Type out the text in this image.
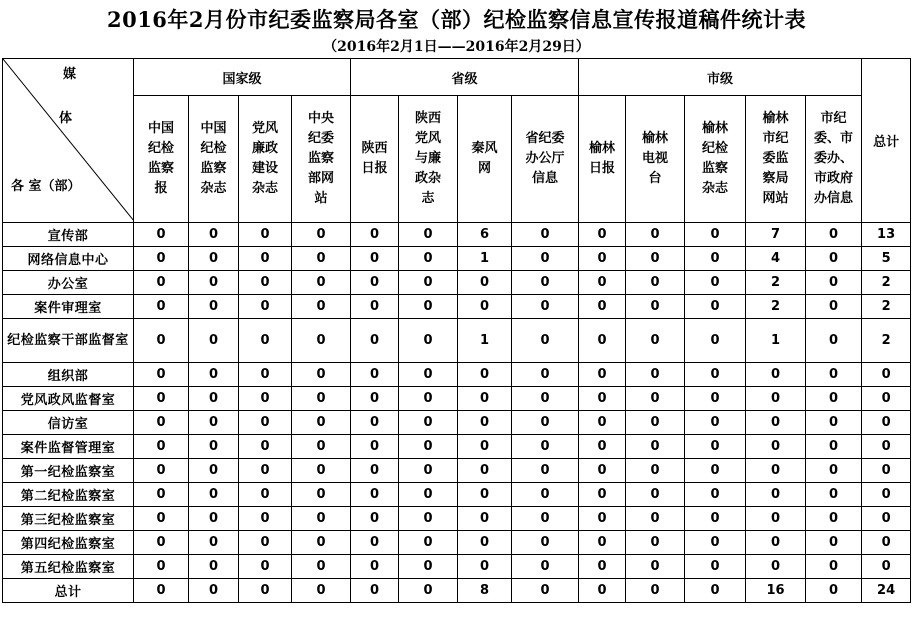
2016年2月份市纪委监察局各室（部）纪检监察信息宣传报道稿件统计表
（2016年2月1日——2016年2月29日）
媒
体
各 室（部）	国家级				省级				市级					总计
	中国纪检监察报	中国纪检监察杂志	党风廉政建设杂志	中央纪委监察部网站	陕西日报	陕西党风与廉政杂志	秦风网	省纪委办公厅信息	榆林日报	榆林电视台	榆林纪检监察杂志	榆林市纪委监察局网站	市纪委、市委办、市政府办信息	
宣传部	0	0	0	0	0	0	6	0	0	0	0	7	0	13
网络信息中心	0	0	0	0	0	0	1	0	0	0	0	4	0	5
办公室	0	0	0	0	0	0	0	0	0	0	0	2	0	2
案件审理室	0	0	0	0	0	0	0	0	0	0	0	2	0	2
纪检监察干部监督室	0	0	0	0	0	0	1	0	0	0	0	1	0	2
组织部	0	0	0	0	0	0	0	0	0	0	0	0	0	0
党风政风监督室	0	0	0	0	0	0	0	0	0	0	0	0	0	0
信访室	0	0	0	0	0	0	0	0	0	0	0	0	0	0
案件监督管理室	0	0	0	0	0	0	0	0	0	0	0	0	0	0
第一纪检监察室	0	0	0	0	0	0	0	0	0	0	0	0	0	0
第二纪检监察室	0	0	0	0	0	0	0	0	0	0	0	0	0	0
第三纪检监察室	0	0	0	0	0	0	0	0	0	0	0	0	0	0
第四纪检监察室	0	0	0	0	0	0	0	0	0	0	0	0	0	0
第五纪检监察室	0	0	0	0	0	0	0	0	0	0	0	0	0	0
总计	0	0	0	0	0	0	8	0	0	0	0	16	0	24
